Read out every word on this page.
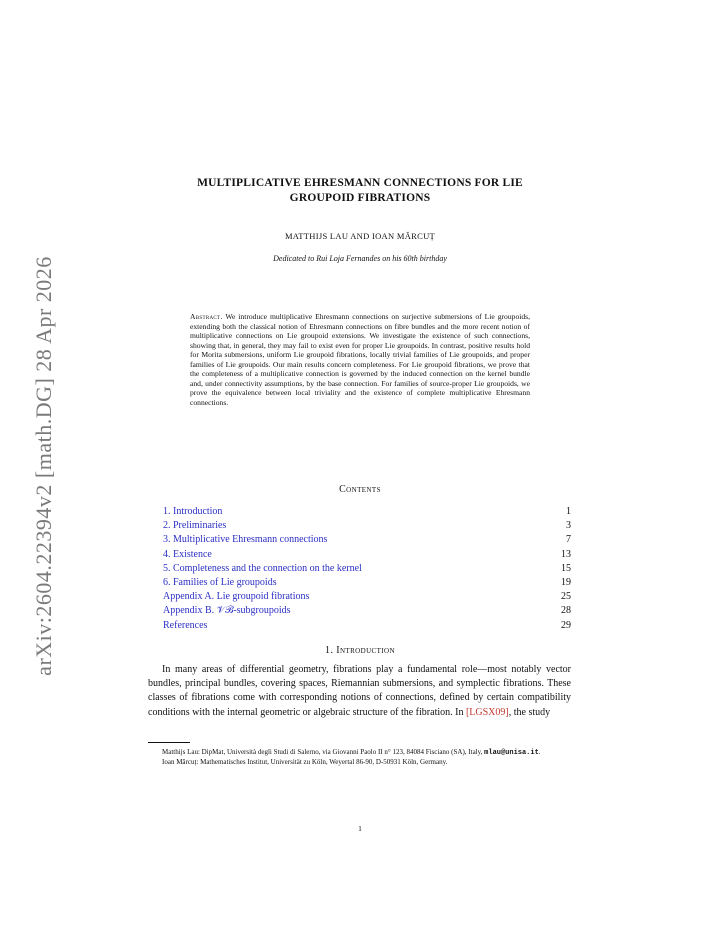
arXiv:2604.22394v2 [math.DG] 28 Apr 2026
MULTIPLICATIVE EHRESMANN CONNECTIONS FOR LIE
GROUPOID FIBRATIONS
MATTHIJS LAU AND IOAN MĂRCUȚ
Dedicated to Rui Loja Fernandes on his 60th birthday
Abstract. We introduce multiplicative Ehresmann connections on surjective submersions of Lie groupoids, extending both the classical notion of Ehresmann connections on fibre bundles and the more recent notion of multiplicative connections on Lie groupoid extensions. We investigate the existence of such connections, showing that, in general, they may fail to exist even for proper Lie groupoids. In contrast, positive results hold for Morita submersions, uniform Lie groupoid fibrations, locally trivial families of Lie groupoids, and proper families of Lie groupoids. Our main results concern completeness. For Lie groupoid fibrations, we prove that the completeness of a multiplicative connection is governed by the induced connection on the kernel bundle and, under connectivity assumptions, by the base connection. For families of source-proper Lie groupoids, we prove the equivalence between local triviality and the existence of complete multiplicative Ehresmann connections.
Contents
1. Introduction	1
2. Preliminaries	3
3. Multiplicative Ehresmann connections	7
4. Existence	13
5. Completeness and the connection on the kernel	15
6. Families of Lie groupoids	19
Appendix A. Lie groupoid fibrations	25
Appendix B. 𝒱ℬ-subgroupoids	28
References	29
1. Introduction
In many areas of differential geometry, fibrations play a fundamental role—most notably vector bundles, principal bundles, covering spaces, Riemannian submersions, and symplectic fibrations. These classes of fibrations come with corresponding notions of connections, defined by certain compatibility conditions with the internal geometric or algebraic structure of the fibration. In [LGSX09], the study
Matthijs Lau: DipMat, Università degli Studi di Salerno, via Giovanni Paolo II n° 123, 84084 Fisciano (SA), Italy, mlau@unisa.it.
Ioan Mărcuț: Mathematisches Institut, Universität zu Köln, Weyertal 86-90, D-50931 Köln, Germany.
1
